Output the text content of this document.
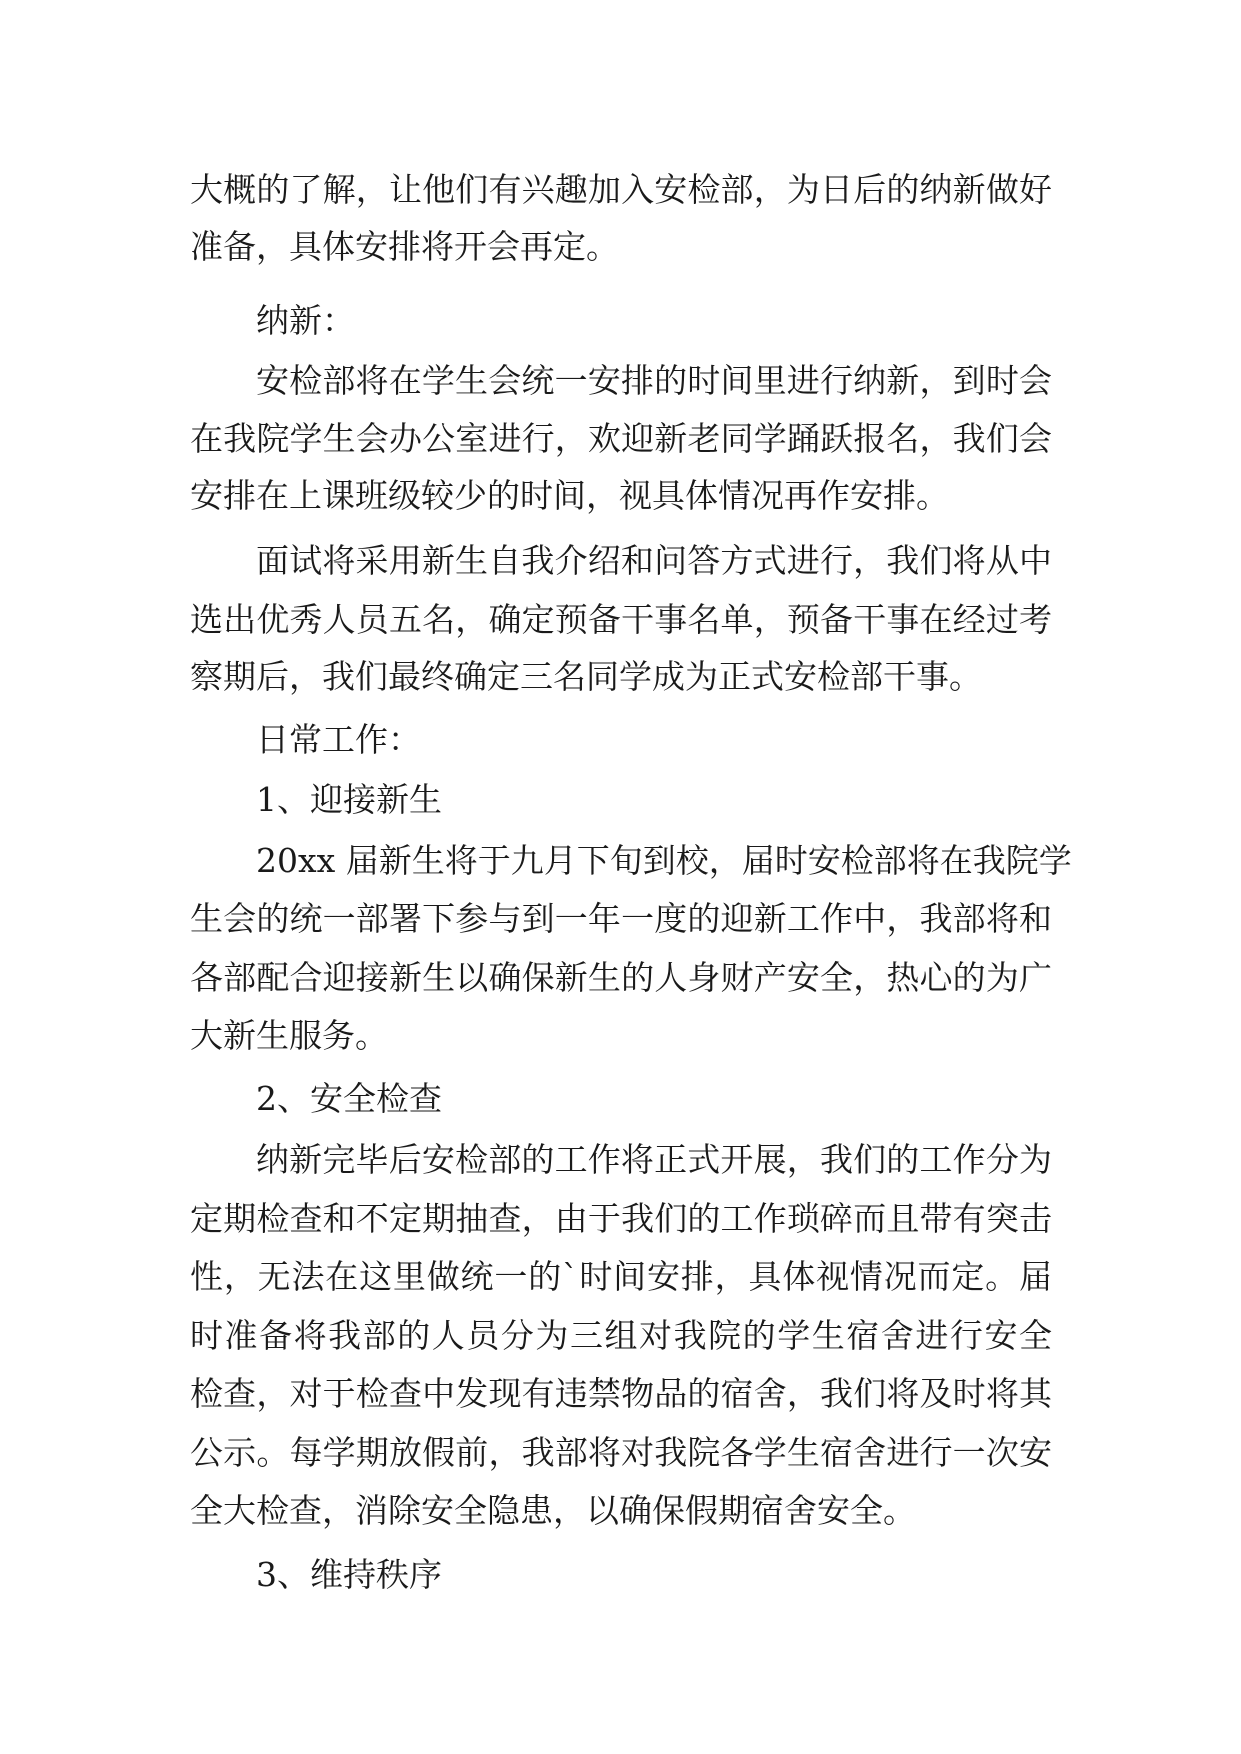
大概的了解，让他们有兴趣加入安检部，为日后的纳新做好
准备，具体安排将开会再定。
纳新：
安检部将在学生会统一安排的时间里进行纳新，到时会
在我院学生会办公室进行，欢迎新老同学踊跃报名，我们会
安排在上课班级较少的时间，视具体情况再作安排。
面试将采用新生自我介绍和问答方式进行，我们将从中
选出优秀人员五名，确定预备干事名单，预备干事在经过考
察期后，我们最终确定三名同学成为正式安检部干事。
日常工作：
1、迎接新生
20xx 届新生将于九月下旬到校，届时安检部将在我院学
生会的统一部署下参与到一年一度的迎新工作中，我部将和
各部配合迎接新生以确保新生的人身财产安全，热心的为广
大新生服务。
2、安全检查
纳新完毕后安检部的工作将正式开展，我们的工作分为
定期检查和不定期抽查，由于我们的工作琐碎而且带有突击
性，无法在这里做统一的`时间安排，具体视情况而定。届
时准备将我部的人员分为三组对我院的学生宿舍进行安全
检查，对于检查中发现有违禁物品的宿舍，我们将及时将其
公示。每学期放假前，我部将对我院各学生宿舍进行一次安
全大检查，消除安全隐患，以确保假期宿舍安全。
3、维持秩序
